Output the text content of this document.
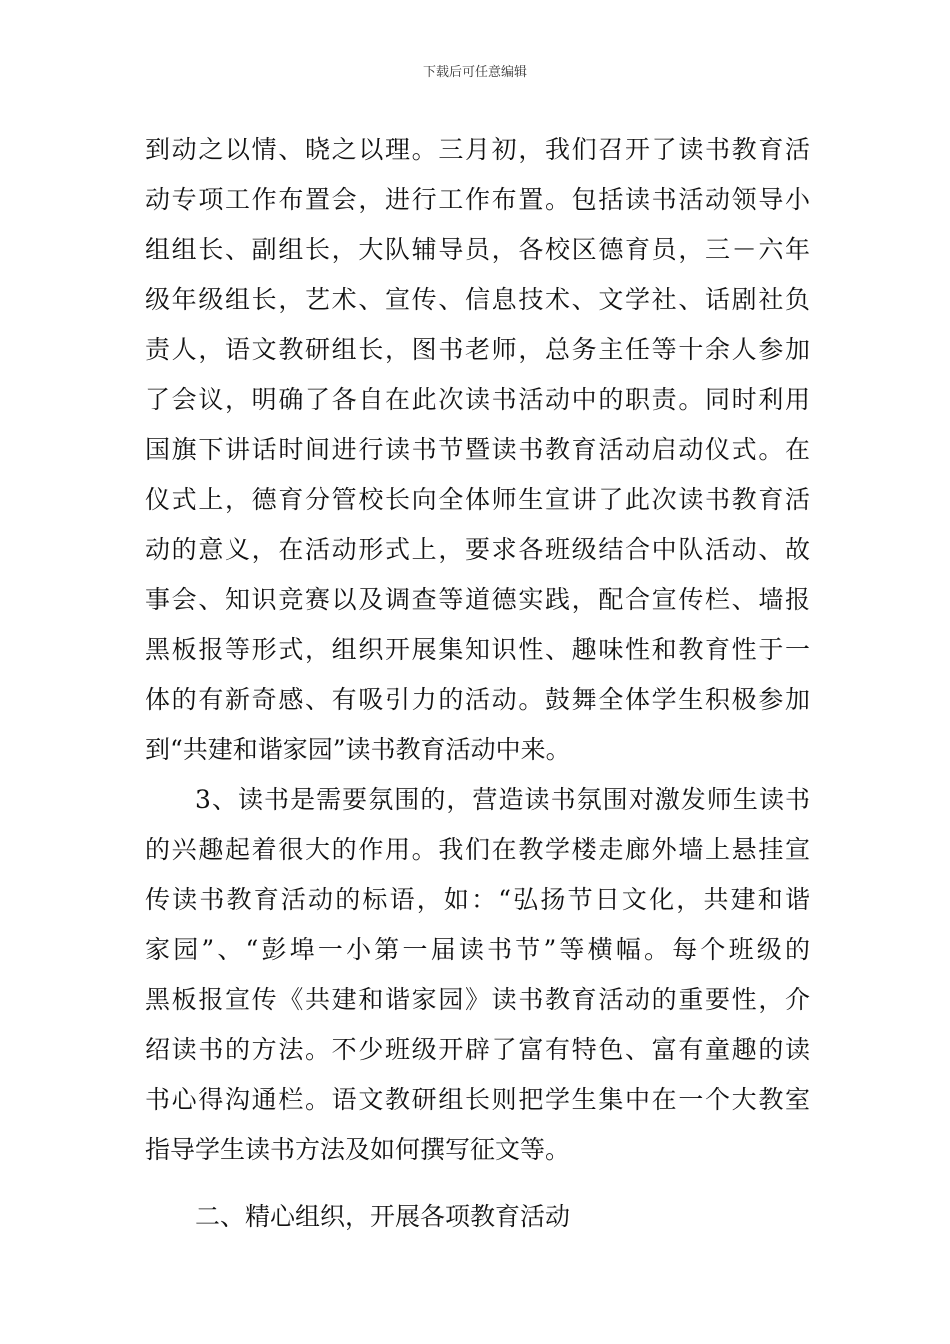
下载后可任意编辑
到动之以情、晓之以理。三月初，我们召开了读书教育活
动专项工作布置会，进行工作布置。包括读书活动领导小
组组长、副组长，大队辅导员，各校区德育员，三－六年
级年级组长，艺术、宣传、信息技术、文学社、话剧社负
责人，语文教研组长，图书老师，总务主任等十余人参加
了会议，明确了各自在此次读书活动中的职责。同时利用
国旗下讲话时间进行读书节暨读书教育活动启动仪式。在
仪式上，德育分管校长向全体师生宣讲了此次读书教育活
动的意义，在活动形式上，要求各班级结合中队活动、故
事会、知识竞赛以及调查等道德实践，配合宣传栏、墙报
黑板报等形式，组织开展集知识性、趣味性和教育性于一
体的有新奇感、有吸引力的活动。鼓舞全体学生积极参加
到“共建和谐家园”读书教育活动中来。
3、读书是需要氛围的，营造读书氛围对激发师生读书
的兴趣起着很大的作用。我们在教学楼走廊外墙上悬挂宣
传读书教育活动的标语，如：“弘扬节日文化，共建和谐
家园”、“彭埠一小第一届读书节”等横幅。每个班级的
黑板报宣传《共建和谐家园》读书教育活动的重要性，介
绍读书的方法。不少班级开辟了富有特色、富有童趣的读
书心得沟通栏。语文教研组长则把学生集中在一个大教室
指导学生读书方法及如何撰写征文等。
二、精心组织，开展各项教育活动
